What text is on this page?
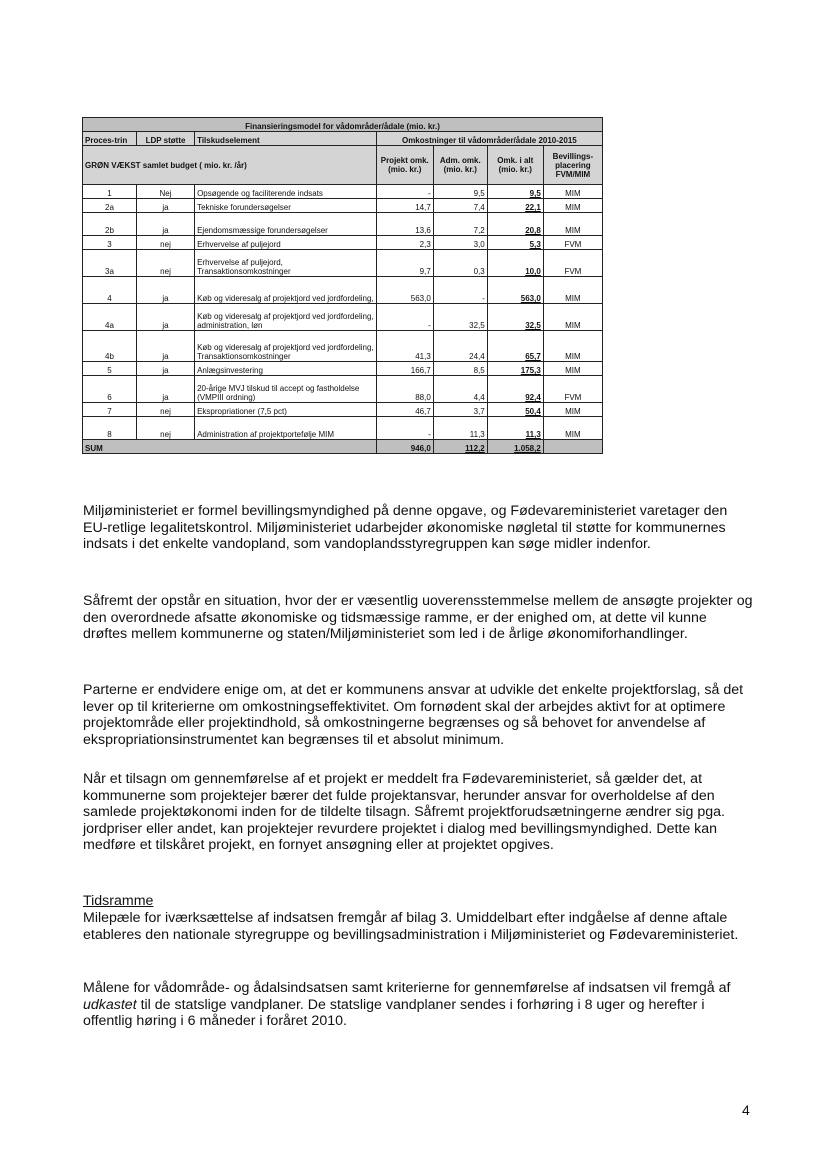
Finansieringsmodel for vådområder/ådale (mio. kr.)						
Proces-trin	LDP støtte	Tilskudselement	Omkostninger til vådområder/ådale 2010-2015			
GRØN VÆKST samlet budget ( mio. kr. /år)			Projekt omk. (mio. kr.)	Adm. omk. (mio. kr.)	Omk. i alt (mio. kr.)	Bevillings-placering FVM/MIM
1	Nej	Opsøgende og faciliterende indsats	-	9,5	9,5	MIM
2a	ja	Tekniske forundersøgelser	14,7	7,4	22,1	MIM
2b	ja	Ejendomsmæssige forundersøgelser	13,6	7,2	20,8	MIM
3	nej	Erhvervelse af puljejord	2,3	3,0	5,3	FVM
3a	nej	Erhvervelse af puljejord, Transaktionsomkostninger	9,7	0,3	10,0	FVM
4	ja	Køb og videresalg af projektjord ved jordfordeling,	563,0	-	563,0	MIM
4a	ja	Køb og videresalg af projektjord ved jordfordeling, administration, løn	-	32,5	32,5	MIM
4b	ja	Køb og videresalg af projektjord ved jordfordeling, Transaktionsomkostninger	41,3	24,4	65,7	MIM
5	ja	Anlægsinvestering	166,7	8,5	175,3	MIM
6	ja	20-årige MVJ tilskud til accept og fastholdelse (VMPIII ordning)	88,0	4,4	92,4	FVM
7	nej	Ekspropriationer (7,5 pct)	46,7	3,7	50,4	MIM
8	nej	Administration af projektportefølje MIM	-	11,3	11,3	MIM
SUM			946,0	112,2	1.058,2	

Miljøministeriet er formel bevillingsmyndighed på denne opgave, og Fødevareministeriet varetager den EU-retlige legalitetskontrol. Miljøministeriet udarbejder økonomiske nøgletal til støtte for kommunernes indsats i det enkelte vandopland, som vandoplandsstyregruppen kan søge midler indenfor.

Såfremt der opstår en situation, hvor der er væsentlig uoverensstemmelse mellem de ansøgte projekter og den overordnede afsatte økonomiske og tidsmæssige ramme, er der enighed om, at dette vil kunne drøftes mellem kommunerne og staten/Miljøministeriet som led i de årlige økonomiforhandlinger.

Parterne er endvidere enige om, at det er kommunens ansvar at udvikle det enkelte projektforslag, så det lever op til kriterierne om omkostningseffektivitet. Om fornødent skal der arbejdes aktivt for at optimere projektområde eller projektindhold, så omkostningerne begrænses og så behovet for anvendelse af ekspropriationsinstrumentet kan begrænses til et absolut minimum.

Når et tilsagn om gennemførelse af et projekt er meddelt fra Fødevareministeriet, så gælder det, at kommunerne som projektejer bærer det fulde projektansvar, herunder ansvar for overholdelse af den samlede projektøkonomi inden for de tildelte tilsagn. Såfremt projektforudsætningerne ændrer sig pga. jordpriser eller andet, kan projektejer revurdere projektet i dialog med bevillingsmyndighed. Dette kan medføre et tilskåret projekt, en fornyet ansøgning eller at projektet opgives.

Tidsramme

Milepæle for iværksættelse af indsatsen fremgår af bilag 3. Umiddelbart efter indgåelse af denne aftale etableres den nationale styregruppe og bevillingsadministration i Miljøministeriet og Fødevareministeriet.

Målene for vådområde- og ådalsindsatsen samt kriterierne for gennemførelse af indsatsen vil fremgå af udkastet til de statslige vandplaner. De statslige vandplaner sendes i forhøring i 8 uger og herefter i offentlig høring i 6 måneder i foråret 2010.

4
